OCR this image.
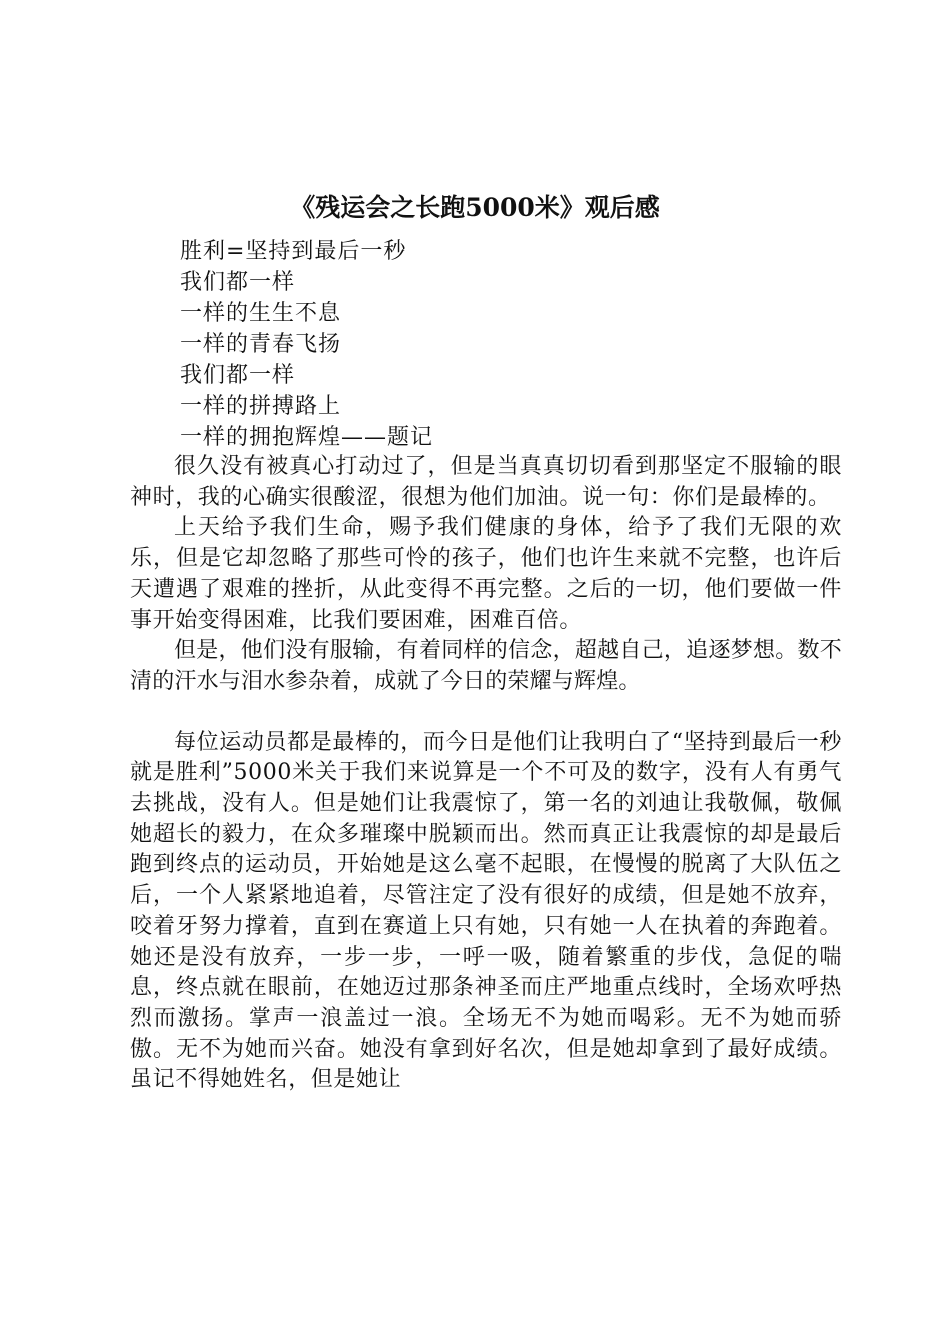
《残运会之长跑5000米》观后感
胜利=坚持到最后一秒
我们都一样
一样的生生不息
一样的青春飞扬
我们都一样
一样的拼搏路上
一样的拥抱辉煌——题记

很久没有被真心打动过了，但是当真真切切看到那坚定不服输的眼神时，我的心确实很酸涩，很想为他们加油。说一句：你们是最棒的。

上天给予我们生命，赐予我们健康的身体，给予了我们无限的欢乐，但是它却忽略了那些可怜的孩子，他们也许生来就不完整，也许后天遭遇了艰难的挫折，从此变得不再完整。之后的一切，他们要做一件事开始变得困难，比我们要困难，困难百倍。

但是，他们没有服输，有着同样的信念，超越自己，追逐梦想。数不清的汗水与泪水参杂着，成就了今日的荣耀与辉煌。

每位运动员都是最棒的，而今日是他们让我明白了“坚持到最后一秒就是胜利”5000米关于我们来说算是一个不可及的数字，没有人有勇气去挑战，没有人。但是她们让我震惊了，第一名的刘迪让我敬佩，敬佩她超长的毅力，在众多璀璨中脱颖而出。然而真正让我震惊的却是最后跑到终点的运动员，开始她是这么毫不起眼，在慢慢的脱离了大队伍之后，一个人紧紧地追着，尽管注定了没有很好的成绩，但是她不放弃，咬着牙努力撑着，直到在赛道上只有她，只有她一人在执着的奔跑着。她还是没有放弃，一步一步，一呼一吸，随着繁重的步伐，急促的喘息，终点就在眼前，在她迈过那条神圣而庄严地重点线时，全场欢呼热烈而激扬。掌声一浪盖过一浪。全场无不为她而喝彩。无不为她而骄傲。无不为她而兴奋。她没有拿到好名次，但是她却拿到了最好成绩。虽记不得她姓名，但是她让
